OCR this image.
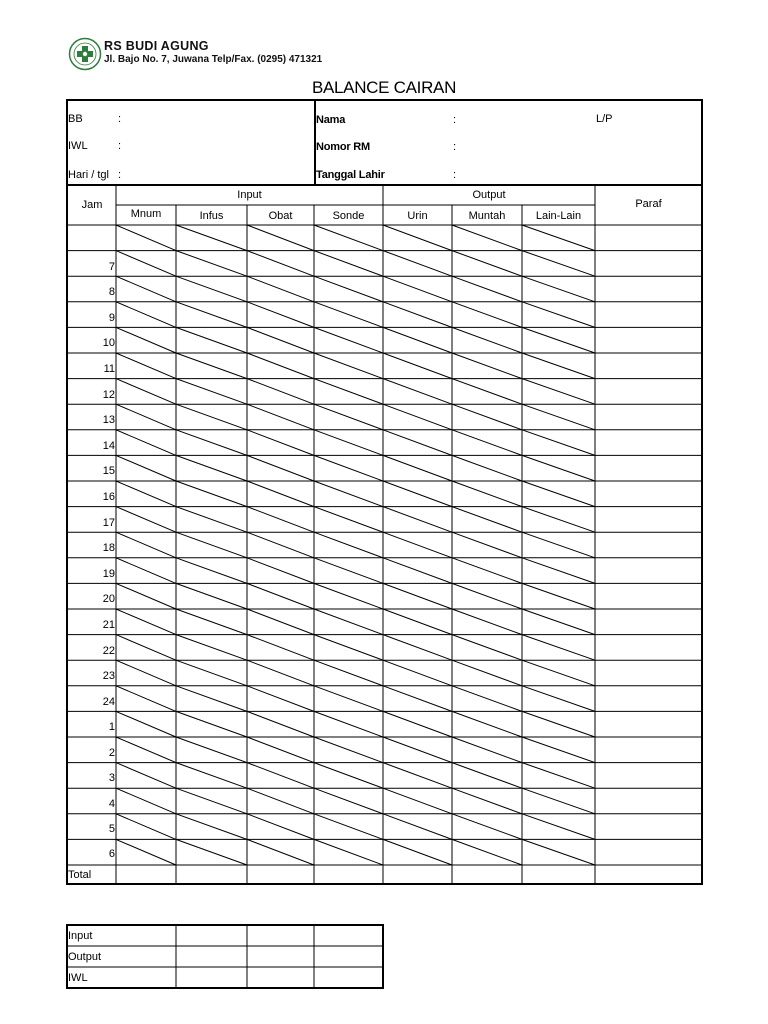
RS BUDI AGUNG
Jl. Bajo No. 7, Juwana Telp/Fax. (0295) 471321
BALANCE CAIRAN
BB	:
IWL	:
Hari / tgl :
Nama	:
Nomor RM	:
Tanggal Lahir	:
L/P
Jam
Input	Output
Paraf
Mnum	Infus	Obat	Sonde	Urin	Muntah	Lain-Lain
7
8
9
10
11
12
13
14
15
16
17
18
19
20
21
22
23
24
1
2
3
4
5
6
Total
Input
Output
IWL
